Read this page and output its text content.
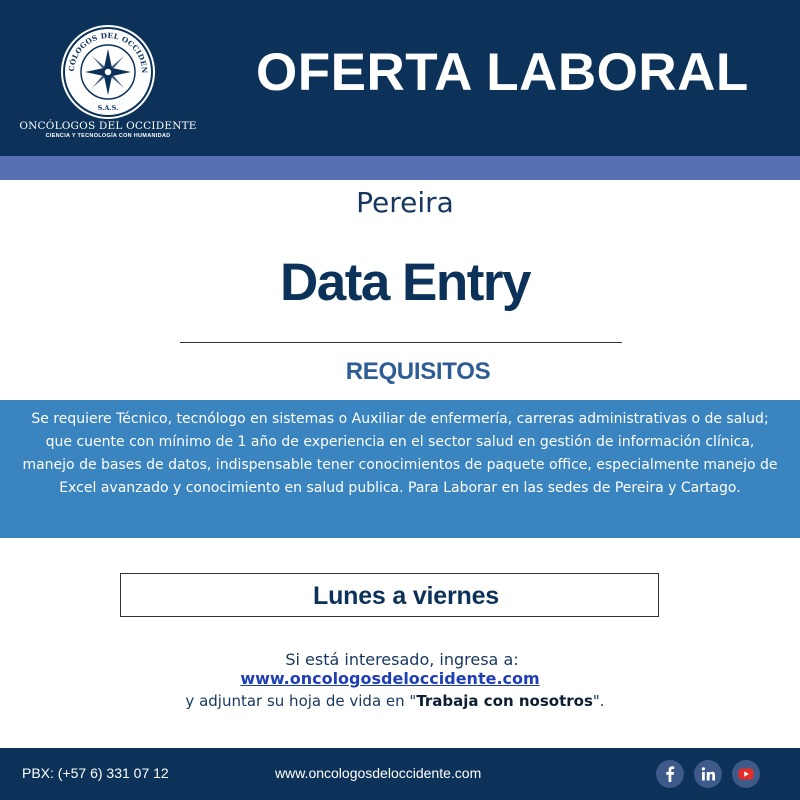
CÓLOGOS DEL OCCIDEN
S.A.S.
ONCÓLOGOS DEL OCCIDENTE
CIENCIA Y TECNOLOGÍA CON HUMANIDAD
OFERTA LABORAL
Pereira
Data Entry
REQUISITOS
Se requiere Técnico, tecnólogo en sistemas o Auxiliar de enfermería, carreras administrativas o de salud; que cuente con mínimo de 1 año de experiencia en el sector salud en gestión de información clínica, manejo de bases de datos, indispensable tener conocimientos de paquete office, especialmente manejo de Excel avanzado y conocimiento en salud publica. Para Laborar en las sedes de Pereira y Cartago.
Lunes a viernes
Si está interesado, ingresa a:
www.oncologosdeloccidente.com
y adjuntar su hoja de vida en "Trabaja con nosotros".
PBX: (+57 6) 331 07 12	www.oncologosdeloccidente.com
